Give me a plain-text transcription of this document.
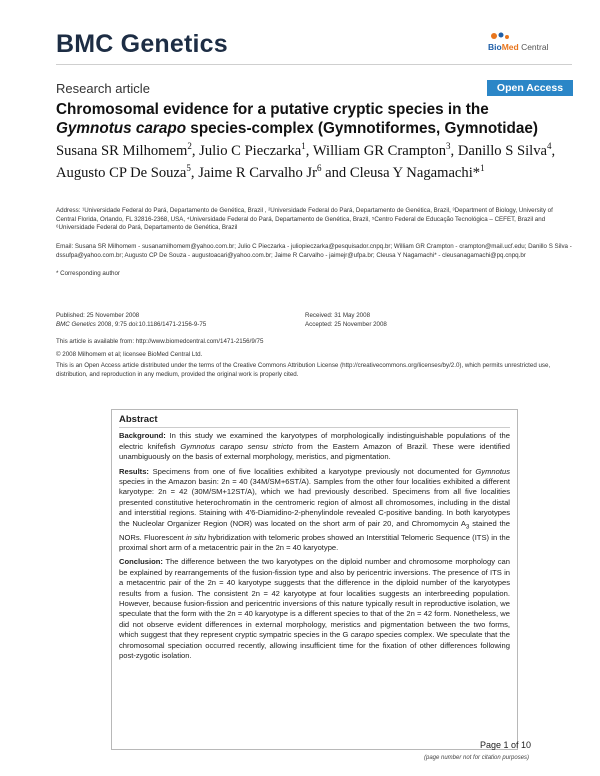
BMC Genetics	BioMed Central
Research article	Open Access
Chromosomal evidence for a putative cryptic species in the
Gymnotus carapo species-complex (Gymnotiformes, Gymnotidae)
Susana SR Milhomem$^2$, Julio C Pieczarka$^1$, William GR Crampton$^3$, Danillo S Silva$^4$, Augusto CP De Souza$^5$, Jaime R Carvalho Jr$^6$ and Cleusa Y Nagamachi*$^1$
Address: ¹Universidade Federal do Pará, Departamento de Genética, Brazil , ²Universidade Federal do Pará, Departamento de Genética, Brazil, ³Department of Biology, University of Central Florida, Orlando, FL 32816-2368, USA, ⁴Universidade Federal do Pará, Departamento de Genética, Brazil, ⁵Centro Federal de Educação Tecnológica – CEFET, Brazil and ⁶Universidade Federal do Pará, Departamento de Genética, Brazil
Email: Susana SR Milhomem - susanamilhomem@yahoo.com.br; Julio C Pieczarka - juliopieczarka@pesquisador.cnpq.br; William GR Crampton - crampton@mail.ucf.edu; Danillo S Silva - dssufpa@yahoo.com.br; Augusto CP De Souza - augustoacari@yahoo.com.br; Jaime R Carvalho - jaimejr@ufpa.br; Cleusa Y Nagamachi* - cleusanagamachi@pq.cnpq.br
* Corresponding author
Published: 25 November 2008
BMC Genetics 2008, 9:75 doi:10.1186/1471-2156-9-75
Received: 31 May 2008
Accepted: 25 November 2008
This article is available from: http://www.biomedcentral.com/1471-2156/9/75
© 2008 Milhomem et al; licensee BioMed Central Ltd.
This is an Open Access article distributed under the terms of the Creative Commons Attribution License (http://creativecommons.org/licenses/by/2.0), which permits unrestricted use, distribution, and reproduction in any medium, provided the original work is properly cited.
Abstract
Background: In this study we examined the karyotypes of morphologically indistinguishable populations of the electric knifefish Gymnotus carapo sensu stricto from the Eastern Amazon of Brazil. These were identified unambiguously on the basis of external morphology, meristics, and pigmentation.
Results: Specimens from one of five localities exhibited a karyotype previously not documented for Gymnotus species in the Amazon basin: 2n = 40 (34M/SM+6ST/A). Samples from the other four localities exhibited a different karyotype: 2n = 42 (30M/SM+12ST/A), which we had previously described. Specimens from all five localities presented constitutive heterochromatin in the centromeric region of almost all chromosomes, including in the distal and interstitial regions. Staining with 4'6-Diamidino-2-phenylindole revealed C-positive banding. In both karyotypes the Nucleolar Organizer Region (NOR) was located on the short arm of pair 20, and Chromomycin $A_3$ stained the NORs. Fluorescent in situ hybridization with telomeric probes showed an Interstitial Telomeric Sequence (ITS) in the proximal short arm of a metacentric pair in the 2n = 40 karyotype.
Conclusion: The difference between the two karyotypes on the diploid number and chromosome morphology can be explained by rearrangements of the fusion-fission type and also by pericentric inversions. The presence of ITS in a metacentric pair of the 2n = 40 karyotype suggests that the difference in the diploid number of the karyotypes results from a fusion. The consistent 2n = 42 karyotype at four localities suggests an interbreeding population. However, because fusion-fission and pericentric inversions of this nature typically result in reproductive isolation, we speculate that the form with the 2n = 40 karyotype is a different species to that of the 2n = 42 form. Nonetheless, we did not observe evident differences in external morphology, meristics and pigmentation between the two forms, which suggest that they represent cryptic sympatric species in the G carapo species complex. We speculate that the chromosomal speciation occurred recently, allowing insufficient time for the fixation of other differences following post-zygotic isolation.
Page 1 of 10
(page number not for citation purposes)
